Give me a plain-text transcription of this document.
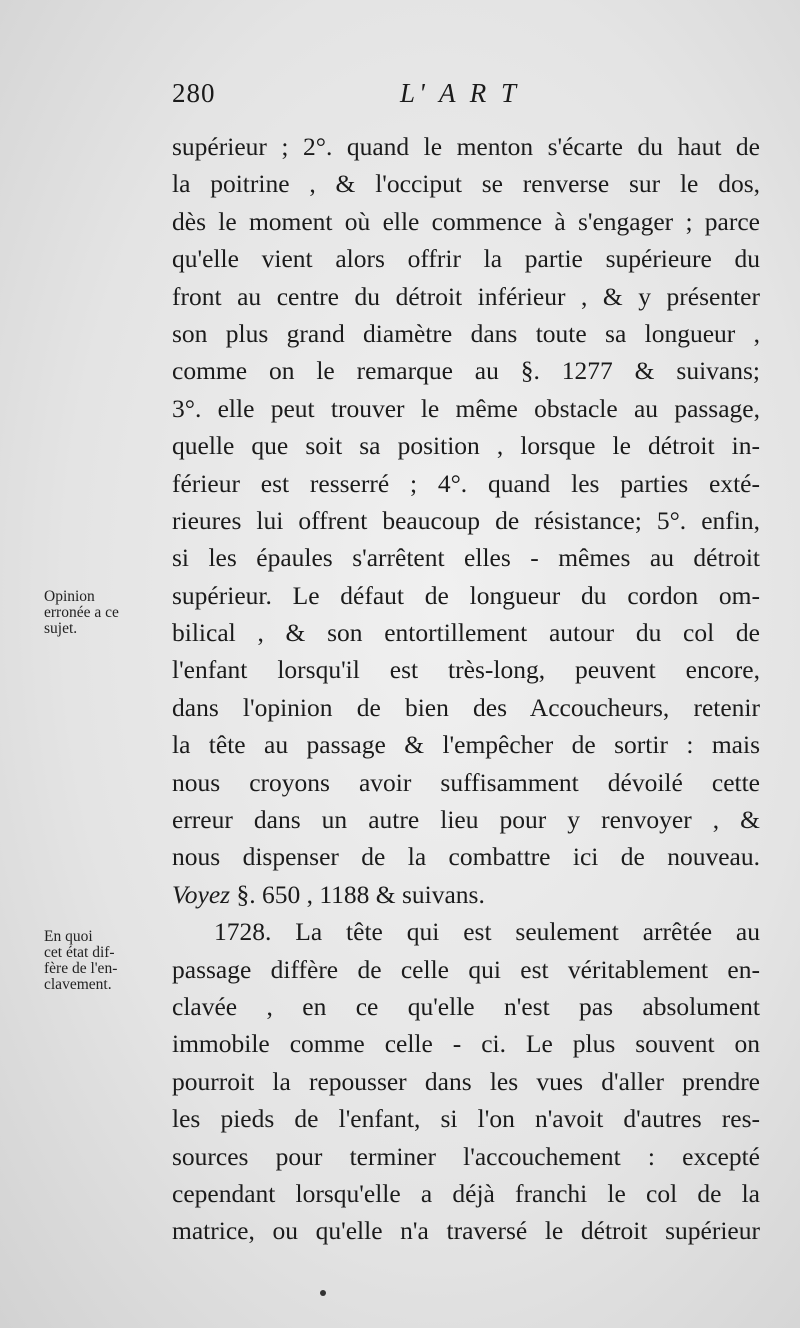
280	L' A R T
Opinion
erronée a ce
sujet.
En quoi
cet état dif-
fère de l'en-
clavement.
supérieur ; 2°. quand le menton s'écarte du haut de
la poitrine , & l'occiput se renverse sur le dos,
dès le moment où elle commence à s'engager ; parce
qu'elle vient alors offrir la partie supérieure du
front au centre du détroit inférieur , & y présenter
son plus grand diamètre dans toute sa longueur ,
comme on le remarque au §. 1277 & suivans;
3°. elle peut trouver le même obstacle au passage,
quelle que soit sa position , lorsque le détroit in-
férieur est resserré ; 4°. quand les parties exté-
rieures lui offrent beaucoup de résistance; 5°. enfin,
si les épaules s'arrêtent elles - mêmes au détroit
supérieur. Le défaut de longueur du cordon om-
bilical , & son entortillement autour du col de
l'enfant lorsqu'il est très-long, peuvent encore,
dans l'opinion de bien des Accoucheurs, retenir
la tête au passage & l'empêcher de sortir : mais
nous croyons avoir suffisamment dévoilé cette
erreur dans un autre lieu pour y renvoyer , &
nous dispenser de la combattre ici de nouveau.
Voyez §. 650 , 1188 & suivans.
1728. La tête qui est seulement arrêtée au
passage diffère de celle qui est véritablement en-
clavée , en ce qu'elle n'est pas absolument
immobile comme celle - ci. Le plus souvent on
pourroit la repousser dans les vues d'aller prendre
les pieds de l'enfant, si l'on n'avoit d'autres res-
sources pour terminer l'accouchement : excepté
cependant lorsqu'elle a déjà franchi le col de la
matrice, ou qu'elle n'a traversé le détroit supérieur
